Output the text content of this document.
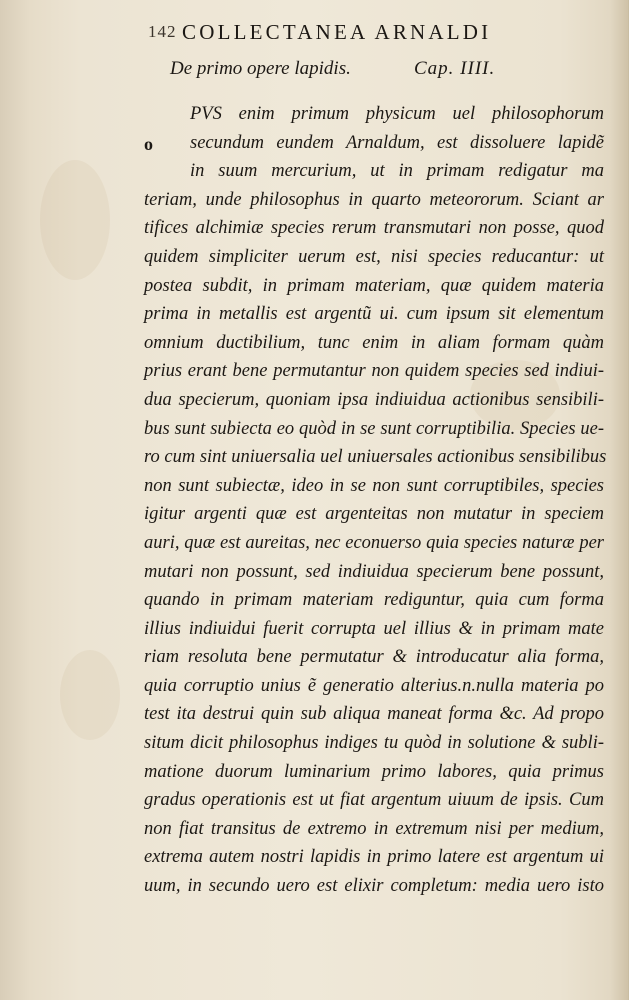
142 COLLECTANEA ARNALDI
De primo opere lapidis.	Cap. IIII.
o
PVS enim primum physicum uel philosophorum
secundum eundem Arnaldum, est dissoluere lapidẽ
in suum mercurium, ut in primam redigatur ma
teriam, unde philosophus in quarto meteororum. Sciant ar
tifices alchimiæ species rerum transmutari non posse, quod
quidem simpliciter uerum est, nisi species reducantur: ut
postea subdit, in primam materiam, quæ quidem materia
prima in metallis est argentũ ui. cum ipsum sit elementum
omnium ductibilium, tunc enim in aliam formam quàm
prius erant bene permutantur non quidem species sed indiui-
dua specierum, quoniam ipsa indiuidua actionibus sensibili-
bus sunt subiecta eo quòd in se sunt corruptibilia. Species ue-
ro cum sint uniuersalia uel uniuersales actionibus sensibilibus
non sunt subiectæ, ideo in se non sunt corruptibiles, species
igitur argenti quæ est argenteitas non mutatur in speciem
auri, quæ est aureitas, nec econuerso quia species naturæ per
mutari non possunt, sed indiuidua specierum bene possunt,
quando in primam materiam rediguntur, quia cum forma
illius indiuidui fuerit corrupta uel illius & in primam mate
riam resoluta bene permutatur & introducatur alia forma,
quia corruptio unius ẽ generatio alterius.n.nulla materia po
test ita destrui quin sub aliqua maneat forma &c. Ad propo
situm dicit philosophus indiges tu quòd in solutione & subli-
matione duorum luminarium primo labores, quia primus
gradus operationis est ut fiat argentum uiuum de ipsis. Cum
non fiat transitus de extremo in extremum nisi per medium,
extrema autem nostri lapidis in primo latere est argentum ui
uum, in secundo uero est elixir completum: media uero isto
